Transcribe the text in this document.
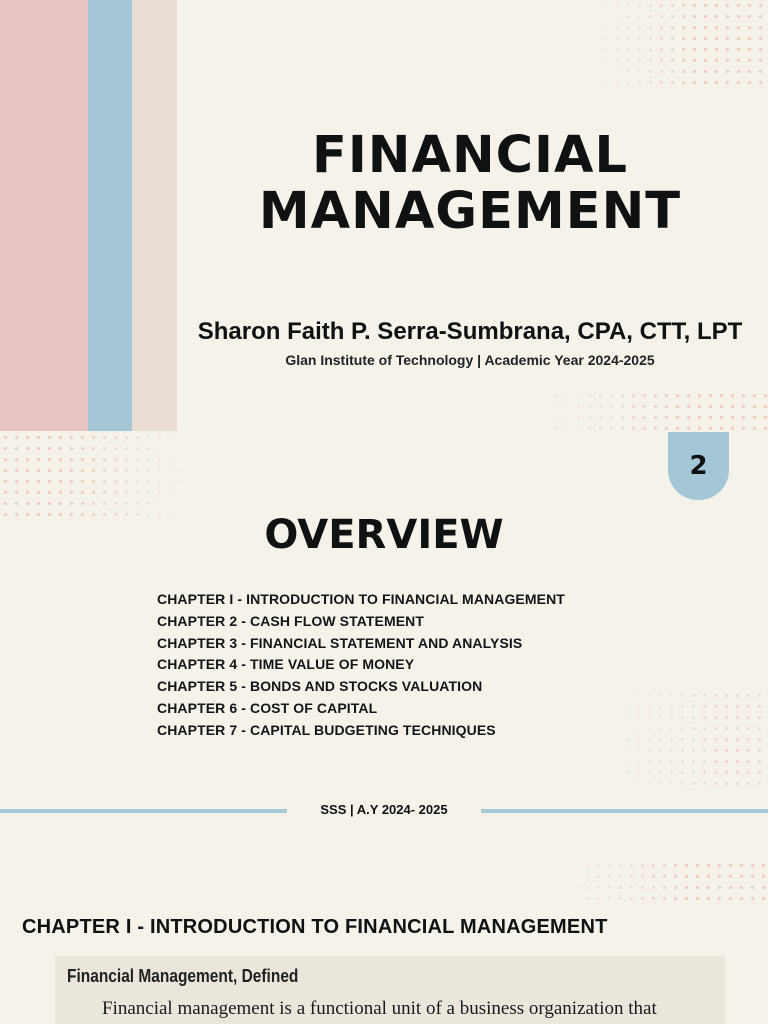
FINANCIAL MANAGEMENT
Sharon Faith P. Serra-Sumbrana, CPA, CTT, LPT
Glan Institute of Technology | Academic Year 2024-2025
2
OVERVIEW
CHAPTER I - INTRODUCTION TO FINANCIAL MANAGEMENT
CHAPTER 2 - CASH FLOW STATEMENT
CHAPTER 3 - FINANCIAL STATEMENT AND ANALYSIS
CHAPTER 4 - TIME VALUE OF MONEY
CHAPTER 5 - BONDS AND STOCKS VALUATION
CHAPTER 6 - COST OF CAPITAL
CHAPTER 7 - CAPITAL BUDGETING TECHNIQUES
SSS | A.Y 2024- 2025
CHAPTER I - INTRODUCTION TO FINANCIAL MANAGEMENT
Financial Management, Defined
Financial management is a functional unit of a business organization that
